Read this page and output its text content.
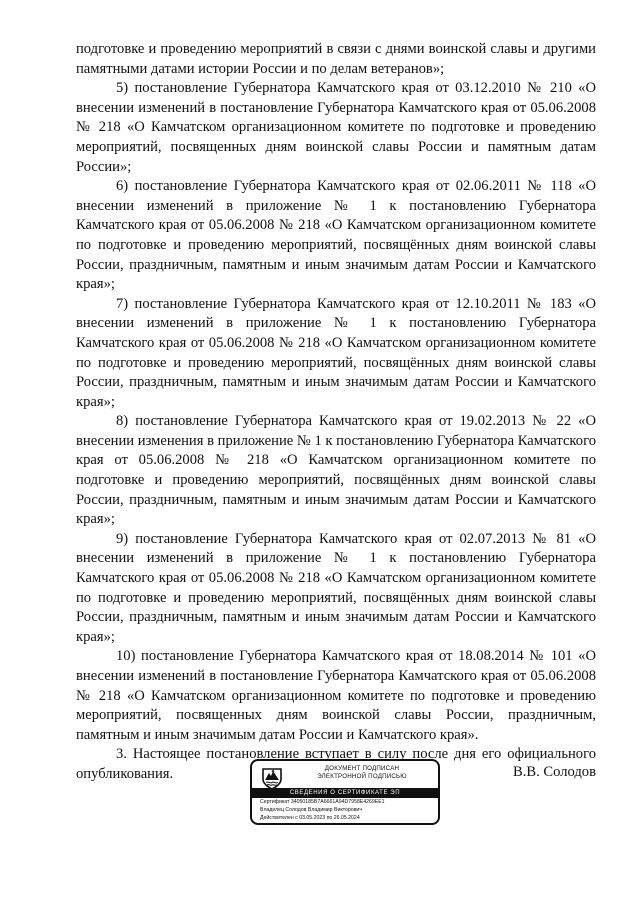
подготовке и проведению мероприятий в связи с днями воинской славы и другими памятными датами истории России и по делам ветеранов»;

5) постановление Губернатора Камчатского края от 03.12.2010 № 210 «О внесении изменений в постановление Губернатора Камчатского края от 05.06.2008 № 218 «О Камчатском организационном комитете по подготовке и проведению мероприятий, посвященных дням воинской славы России и памятным датам России»;

6) постановление Губернатора Камчатского края от 02.06.2011 № 118 «О внесении изменений в приложение № 1 к постановлению Губернатора Камчатского края от 05.06.2008 № 218 «О Камчатском организационном комитете по подготовке и проведению мероприятий, посвящённых дням воинской славы России, праздничным, памятным и иным значимым датам России и Камчатского края»;

7) постановление Губернатора Камчатского края от 12.10.2011 № 183 «О внесении изменений в приложение № 1 к постановлению Губернатора Камчатского края от 05.06.2008 № 218 «О Камчатском организационном комитете по подготовке и проведению мероприятий, посвящённых дням воинской славы России, праздничным, памятным и иным значимым датам России и Камчатского края»;

8) постановление Губернатора Камчатского края от 19.02.2013 № 22 «О внесении изменения в приложение № 1 к постановлению Губернатора Камчатского края от 05.06.2008 № 218 «О Камчатском организационном комитете по подготовке и проведению мероприятий, посвящённых дням воинской славы России, праздничным, памятным и иным значимым датам России и Камчатского края»;

9) постановление Губернатора Камчатского края от 02.07.2013 № 81 «О внесении изменений в приложение № 1 к постановлению Губернатора Камчатского края от 05.06.2008 № 218 «О Камчатском организационном комитете по подготовке и проведению мероприятий, посвящённых дням воинской славы России, праздничным, памятным и иным значимым датам России и Камчатского края»;

10) постановление Губернатора Камчатского края от 18.08.2014 № 101 «О внесении изменений в постановление Губернатора Камчатского края от 05.06.2008 № 218 «О Камчатском организационном комитете по подготовке и проведению мероприятий, посвященных дням воинской славы России, праздничным, памятным и иным значимым датам России и Камчатского края».

3. Настоящее постановление вступает в силу после дня его официального опубликования.	ДОКУМЕНТ ПОДПИСАН
ЭЛЕКТРОННОЙ ПОДПИСЬЮ
СВЕДЕНИЯ О СЕРТИФИКАТЕ ЭП
Сертификат 34050185B7A6661A94D7958E4269EE1
Владелец Солодов Владимир Викторович
Действителен с 03.05.2023 по 26.05.2024
В.В. Солодов
